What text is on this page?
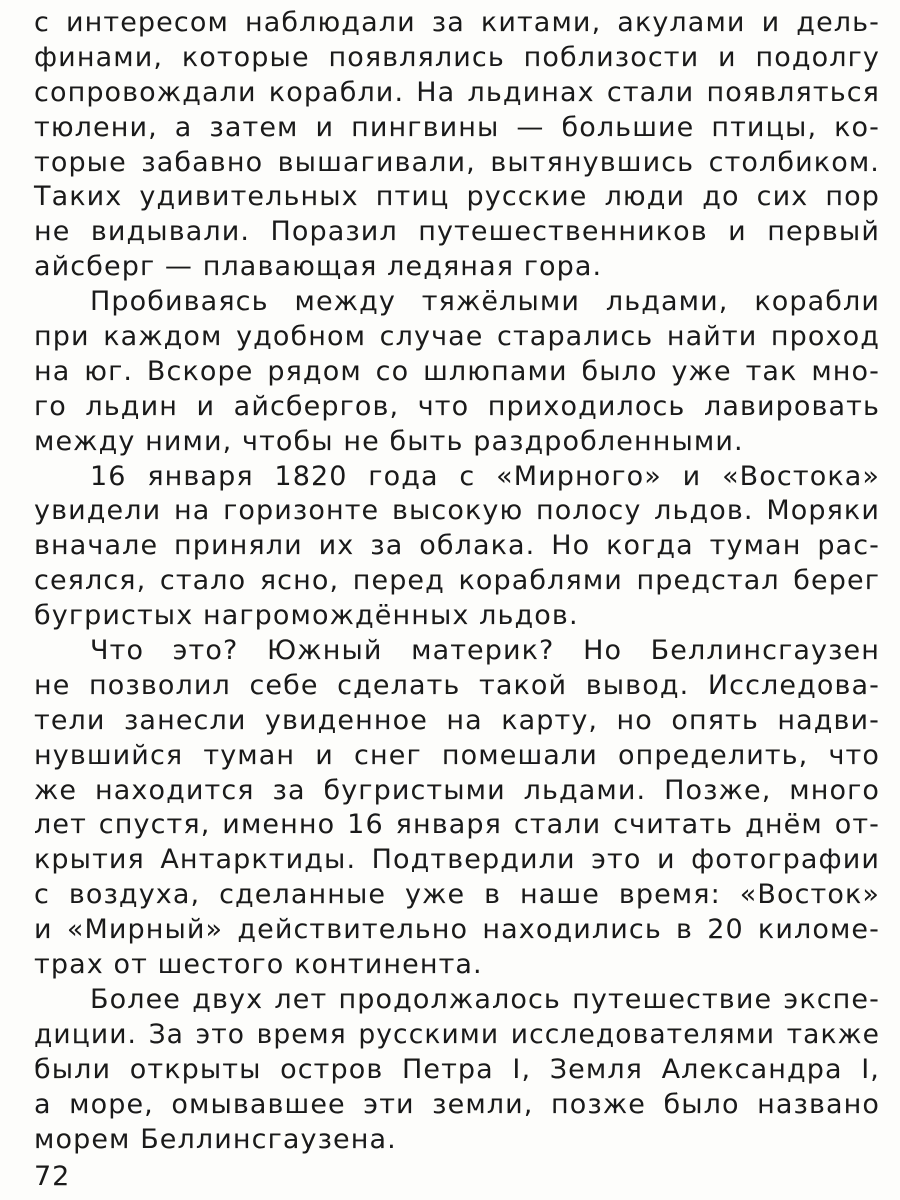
с интересом наблюдали за китами, акулами и дель-
финами, которые появлялись поблизости и подолгу
сопровождали корабли. На льдинах стали появляться
тюлени, а затем и пингвины — большие птицы, ко-
торые забавно вышагивали, вытянувшись столбиком.
Таких удивительных птиц русские люди до сих пор
не видывали. Поразил путешественников и первый
айсберг — плавающая ледяная гора.
Пробиваясь между тяжёлыми льдами, корабли
при каждом удобном случае старались найти проход
на юг. Вскоре рядом со шлюпами было уже так мно-
го льдин и айсбергов, что приходилось лавировать
между ними, чтобы не быть раздробленными.
16 января 1820 года с «Мирного» и «Востока»
увидели на горизонте высокую полосу льдов. Моряки
вначале приняли их за облака. Но когда туман рас-
сеялся, стало ясно, перед кораблями предстал берег
бугристых нагромождённых льдов.
Что это? Южный материк? Но Беллинсгаузен
не позволил себе сделать такой вывод. Исследова-
тели занесли увиденное на карту, но опять надви-
нувшийся туман и снег помешали определить, что
же находится за бугристыми льдами. Позже, много
лет спустя, именно 16 января стали считать днём от-
крытия Антарктиды. Подтвердили это и фотографии
с воздуха, сделанные уже в наше время: «Восток»
и «Мирный» действительно находились в 20 киломе-
трах от шестого континента.
Более двух лет продолжалось путешествие экспе-
диции. За это время русскими исследователями также
были открыты остров Петра I, Земля Александра I,
а море, омывавшее эти земли, позже было названо
морем Беллинсгаузена.
72
